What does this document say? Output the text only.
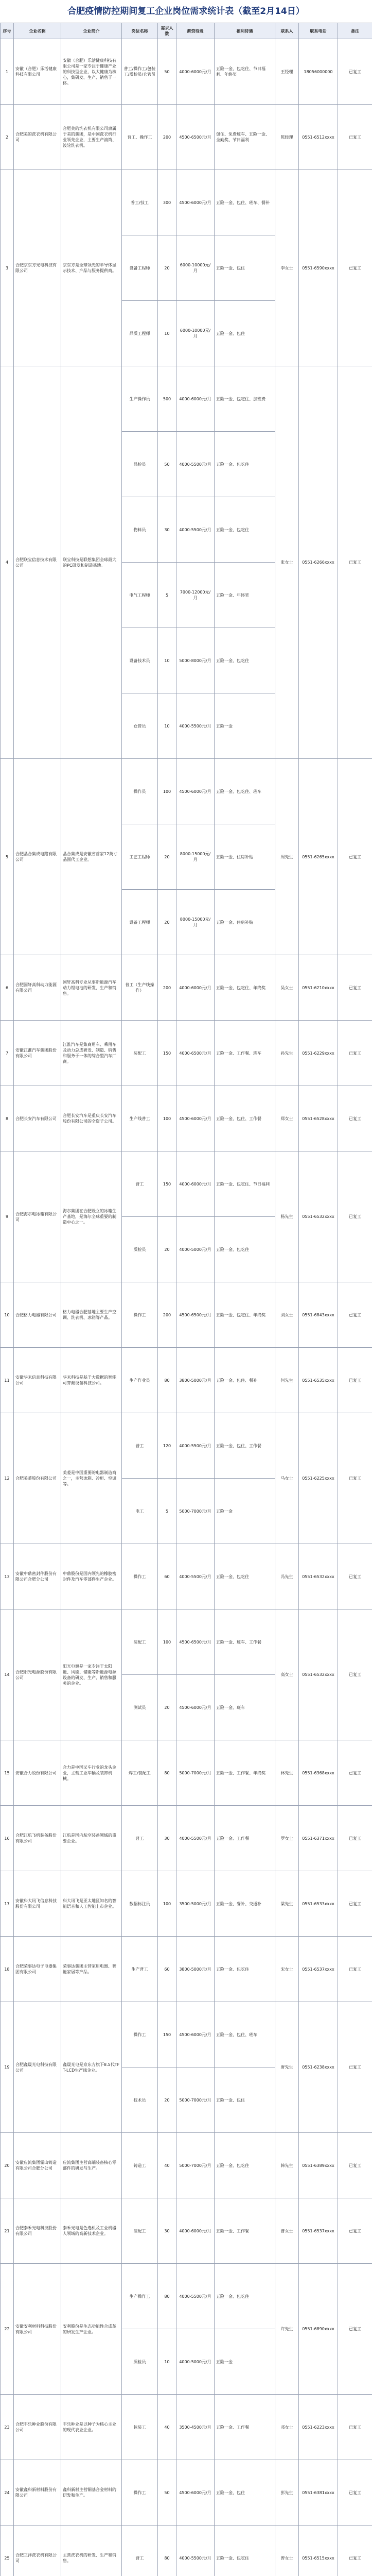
合肥疫情防控期间复工企业岗位需求统计表（截至2月14日）
序号	企业名称	企业简介	岗位名称	需求人数	薪资待遇	福利待遇	联系人	联系电话	备注
1	安徽（合肥）乐活健康科技有限公司	安徽（合肥）乐活健康科技有限公司是一家专注于健康产业的科技型企业，以大健康为核心，集研发、生产、销售于一体。	普工/操作工/包装工/质检员/仓管员	50	4000-6000元/月	五险一金、包吃住、节日福利、年终奖	王经理	18056000000	已复工
2	合肥美的洗衣机有限公司	合肥美的洗衣机有限公司隶属于美的集团，是中国洗衣机行业领先企业，主要生产滚筒、波轮洗衣机。	普工、操作工	200	4500-6500元/月	包住、免费班车、五险一金、全勤奖、节日福利	陈经理	0551-6512xxxx	已复工
3	合肥京东方光电科技有限公司	京东方是全球领先的半导体显示技术、产品与服务提供商。	普工/技工	300	4500-6000元/月	五险一金、包住、班车、餐补	李女士	0551-6590xxxx	已复工
			设备工程师	20	6000-10000元/月	五险一金、包住			
			品质工程师	10	6000-10000元/月	五险一金、包住			
4	合肥联宝信息技术有限公司	联宝科技是联想集团全球最大的PC研发和制造基地。	生产操作员	500	4000-6000元/月	五险一金、包吃住、加班费	张女士	0551-6266xxxx	已复工
			品检员	50	4000-5500元/月	五险一金、包吃住			
			物料员	30	4000-5500元/月	五险一金、包吃住			
			电气工程师	5	7000-12000元/月	五险一金、年终奖			
			设备技术员	10	5000-8000元/月	五险一金、包吃住			
			仓管员	10	4000-5500元/月	五险一金			
5	合肥晶合集成电路有限公司	晶合集成是安徽省首家12英寸晶圆代工企业。	操作员	100	4500-6000元/月	五险一金、包吃住、班车	周先生	0551-6265xxxx	已复工
			工艺工程师	20	8000-15000元/月	五险一金、住房补贴			
			设备工程师	20	8000-15000元/月	五险一金、住房补贴			
6	合肥国轩高科动力能源有限公司	国轩高科专业从事新能源汽车动力锂电池的研发、生产和销售。	普工（生产线操作）	200	4000-6000元/月	五险一金、包吃住、年终奖	吴女士	0551-6210xxxx	已复工
7	安徽江淮汽车集团股份有限公司	江淮汽车是集商用车、乘用车及动力总成研发、制造、销售和服务于一体的综合型汽车厂商。	装配工	150	4000-6500元/月	五险一金、工作餐、班车	孙先生	0551-6229xxxx	已复工
8	合肥长安汽车有限公司	合肥长安汽车是重庆长安汽车股份有限公司的全资子公司。	生产线普工	100	4500-6000元/月	五险一金、包住、工作餐	郑女士	0551-6528xxxx	已复工
9	合肥海尔电冰箱有限公司	海尔集团在合肥设立的冰箱生产基地，是海尔全球重要的制造中心之一。	普工	150	4000-6000元/月	五险一金、包吃住、节日福利	杨先生	0551-6532xxxx	已复工
			质检员	20	4000-5000元/月	五险一金、包吃住			
10	合肥格力电器有限公司	格力电器合肥基地主要生产空调、洗衣机、冰箱等产品。	操作工	200	4500-6500元/月	五险一金、包吃住、年终奖	刘女士	0551-6843xxxx	已复工
11	安徽华米信息科技有限公司	华米科技是基于大数据的智能可穿戴设备科技公司。	生产作业员	80	3800-5000元/月	五险一金、包住、餐补	何先生	0551-6535xxxx	已复工
12	合肥美菱股份有限公司	美菱是中国重要的电器制造商之一，主营冰箱、冷柜、空调等。	普工	120	4000-5500元/月	五险一金、包住、工作餐	马女士	0551-6225xxxx	已复工
			电工	5	5000-7000元/月	五险一金			
13	安徽中鼎密封件股份有限公司合肥分公司	中鼎股份是国内领先的橡胶密封件及汽车零部件生产企业。	操作工	60	4000-5500元/月	五险一金、包吃住	冯先生	0551-6532xxxx	已复工
14	合肥阳光电源股份有限公司	阳光电源是一家专注于太阳能、风能、储能等新能源电源设备的研发、生产、销售和服务的企业。	装配工	100	4500-6500元/月	五险一金、班车、工作餐	高女士	0551-6532xxxx	已复工
			测试员	20	4500-6000元/月	五险一金、班车			
15	安徽合力股份有限公司	合力是中国叉车行业的龙头企业，主营工业车辆及装卸机械。	焊工/装配工	80	5000-7000元/月	五险一金、工作餐、年终奖	林先生	0551-6368xxxx	已复工
16	合肥江航飞机装备股份有限公司	江航是国内航空装备领域的重要企业。	普工	30	4000-5500元/月	五险一金、工作餐	罗女士	0551-6371xxxx	已复工
17	安徽科大讯飞信息科技股份有限公司	科大讯飞是亚太地区知名的智能语音和人工智能上市企业。	数据标注员	100	3500-5000元/月	五险一金、餐补、交通补	梁先生	0551-6533xxxx	已复工
18	合肥荣事达电子电器集团有限公司	荣事达集团主营家用电器、智能家居等产品。	生产普工	60	3800-5000元/月	五险一金、包吃住	宋女士	0551-6537xxxx	已复工
19	合肥鑫晟光电科技有限公司	鑫晟光电是京东方旗下8.5代TFT-LCD生产线企业。	操作工	150	4500-6000元/月	五险一金、包住、班车	唐先生	0551-6238xxxx	已复工
			技术员	20	5000-7000元/月	五险一金、包住			
20	安徽应流集团霍山铸造有限公司合肥分公司	应流集团主营高端装备核心零部件的研发与生产。	铸造工	40	5000-7000元/月	五险一金、包吃住	韩先生	0551-6389xxxx	已复工
21	合肥泰禾光电科技股份有限公司	泰禾光电是色选机及工业机器人领域的高新技术企业。	装配工	30	4000-6000元/月	五险一金、工作餐	曹女士	0551-6537xxxx	已复工
22	安徽安利材料科技股份有限公司	安利股份是生态功能性合成革的研发生产企业。	生产操作工	80	4000-5500元/月	五险一金、包吃住	许先生	0551-6890xxxx	已复工
			质检员	10	4000-5000元/月	五险一金			
23	合肥丰乐种业股份有限公司	丰乐种业是以种子为核心主业的现代农业企业。	包装工	40	3500-4500元/月	五险一金、工作餐	邓女士	0551-6223xxxx	已复工
24	安徽鑫科新材料股份有限公司	鑫科新材主营铜基合金材料的研发和生产。	操作工	50	4500-6000元/月	五险一金、包住	彭先生	0551-6381xxxx	已复工
25	合肥三洋洗衣机有限公司	主营洗衣机的研发、生产和销售。	普工	80	4000-5500元/月	五险一金、包吃住	曾女士	0551-6515xxxx	已复工
